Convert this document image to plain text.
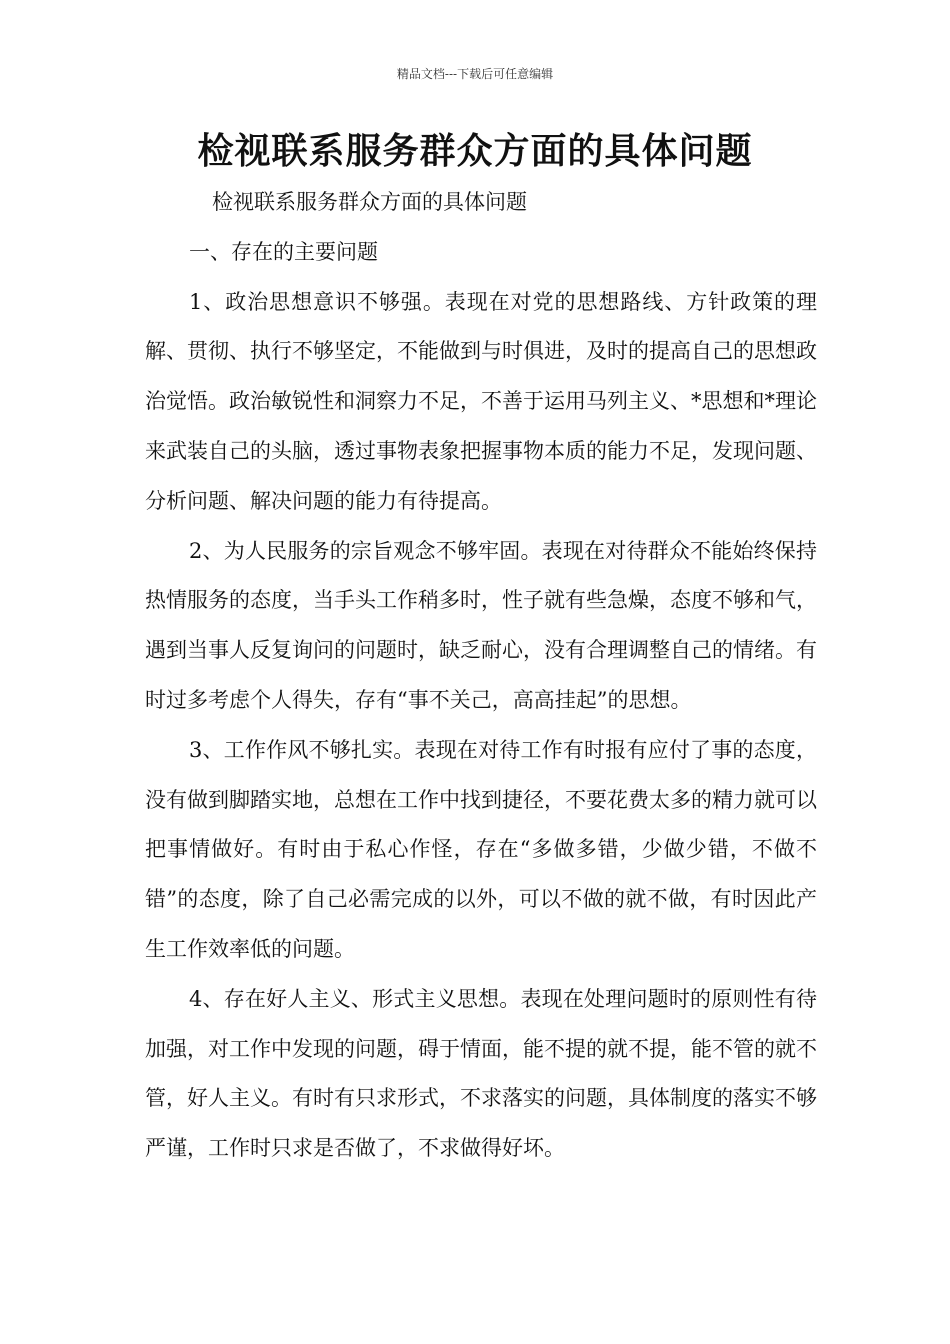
精品文档---下载后可任意编辑
检视联系服务群众方面的具体问题

检视联系服务群众方面的具体问题

一、存在的主要问题

1、政治思想意识不够强。表现在对党的思想路线、方针政策的理解、贯彻、执行不够坚定，不能做到与时俱进，及时的提高自己的思想政治觉悟。政治敏锐性和洞察力不足，不善于运用马列主义、*思想和*理论来武装自己的头脑，透过事物表象把握事物本质的能力不足，发现问题、分析问题、解决问题的能力有待提高。

2、为人民服务的宗旨观念不够牢固。表现在对待群众不能始终保持热情服务的态度，当手头工作稍多时，性子就有些急燥，态度不够和气，遇到当事人反复询问的问题时，缺乏耐心，没有合理调整自己的情绪。有时过多考虑个人得失，存有“事不关己，高高挂起”的思想。

3、工作作风不够扎实。表现在对待工作有时报有应付了事的态度，没有做到脚踏实地，总想在工作中找到捷径，不要花费太多的精力就可以把事情做好。有时由于私心作怪，存在“多做多错，少做少错，不做不错”的态度，除了自己必需完成的以外，可以不做的就不做，有时因此产生工作效率低的问题。

4、存在好人主义、形式主义思想。表现在处理问题时的原则性有待加强，对工作中发现的问题，碍于情面，能不提的就不提，能不管的就不管，好人主义。有时有只求形式，不求落实的问题，具体制度的落实不够严谨，工作时只求是否做了，不求做得好坏。
